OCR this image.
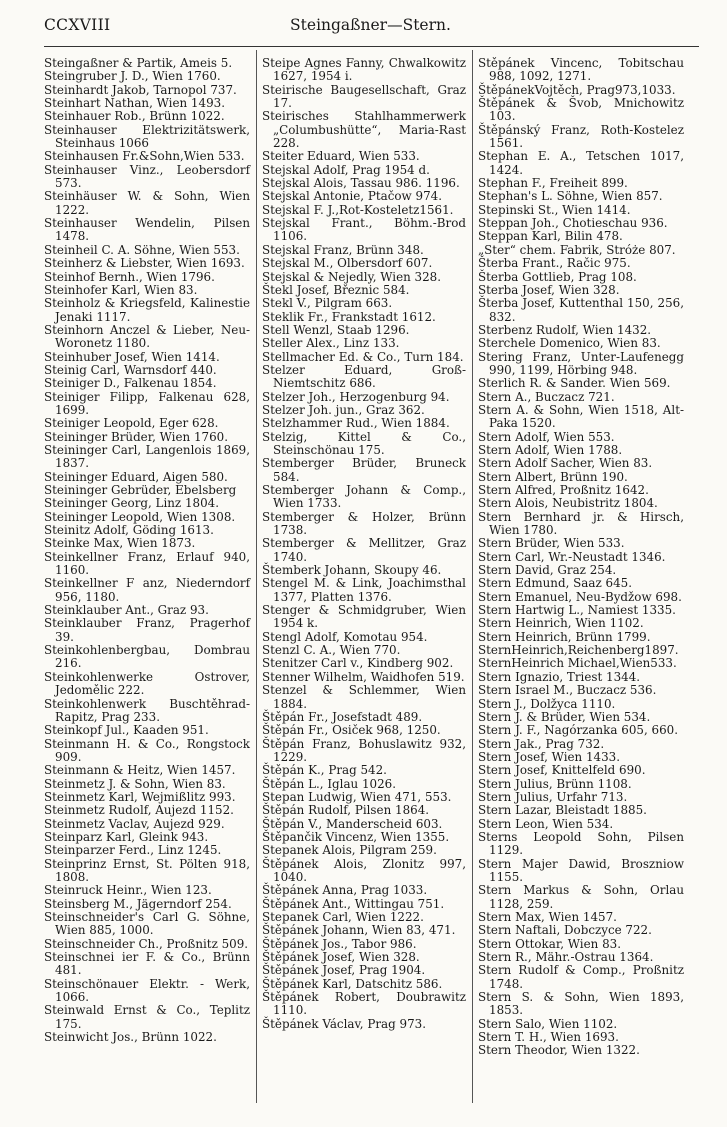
CCXVIII	Steingaßner—Stern.
Steingaßner & Partik, Ameis 5.
Steingruber J. D., Wien 1760.
Steinhardt Jakob, Tarnopol 737.
Steinhart Nathan, Wien 1493.
Steinhauer Rob., Brünn 1022.
Steinhauser Elektrizitätswerk, Steinhaus 1066
Steinhausen Fr.&Sohn,Wien 533.
Steinhauser Vinz., Leobersdorf 573.
Steinhäuser W. & Sohn, Wien 1222.
Steinhauser Wendelin, Pilsen 1478.
Steinheil C. A. Söhne, Wien 553.
Steinherz & Liebster, Wien 1693.
Steinhof Bernh., Wien 1796.
Steinhofer Karl, Wien 83.
Steinholz & Kriegsfeld, Kalinestie Jenaki 1117.
Steinhorn Anczel & Lieber, Neu-Woronetz 1180.
Steinhuber Josef, Wien 1414.
Steinig Carl, Warnsdorf 440.
Steiniger D., Falkenau 1854.
Steiniger Filipp, Falkenau 628, 1699.
Steiniger Leopold, Eger 628.
Steininger Brüder, Wien 1760.
Steininger Carl, Langenlois 1869, 1837.
Steininger Eduard, Aigen 580.
Steininger Gebrüder, Ebelsberg
Steininger Georg, Linz 1804.
Steininger Leopold, Wien 1308.
Steinitz Adolf, Göding 1613.
Steinke Max, Wien 1873.
Steinkellner Franz, Erlauf 940, 1160.
Steinkellner F anz, Niederndorf 956, 1180.
Steinklauber Ant., Graz 93.
Steinklauber Franz, Pragerhof 39.
Steinkohlenbergbau, Dombrau 216.
Steinkohlenwerke Ostrover, Jedomělic 222.
Steinkohlenwerk Buschtěhrad-Rapitz, Prag 233.
Steinkopf Jul., Kaaden 951.
Steinmann H. & Co., Rongstock 909.
Steinmann & Heitz, Wien 1457.
Steinmetz J. & Sohn, Wien 83.
Steinmetz Karl, Wejmißlitz 993.
Steinmetz Rudolf, Aujezd 1152.
Steinmetz Vaclav, Aujezd 929.
Steinparz Karl, Gleink 943.
Steinparzer Ferd., Linz 1245.
Steinprinz Ernst, St. Pölten 918, 1808.
Steinruck Heinr., Wien 123.
Steinsberg M., Jägerndorf 254.
Steinschneider's Carl G. Söhne, Wien 885, 1000.
Steinschneider Ch., Proßnitz 509.
Steinschnei ier F. & Co., Brünn 481.
Steinschönauer Elektr. - Werk, 1066.
Steinwald Ernst & Co., Teplitz 175.
Steinwicht Jos., Brünn 1022.
Steipe Agnes Fanny, Chwalkowitz 1627, 1954 i.
Steirische Baugesellschaft, Graz 17.
Steirisches Stahlhammerwerk „Columbushütte“, Maria-Rast 228.
Steiter Eduard, Wien 533.
Stejskal Adolf, Prag 1954 d.
Stejskal Alois, Tassau 986. 1196.
Stejskal Antonie, Ptačow 974.
Stejskal F. J.,Rot-Kosteletz1561.
Stejskal Frant., Böhm.-Brod 1106.
Stejskal Franz, Brünn 348.
Stejskal M., Olbersdorf 607.
Stejskal & Nejedly, Wien 328.
Štekl Josef, Březnic 584.
Stekl V., Pilgram 663.
Steklik Fr., Frankstadt 1612.
Stell Wenzl, Staab 1296.
Steller Alex., Linz 133.
Stellmacher Ed. & Co., Turn 184.
Stelzer Eduard, Groß-Niemtschitz 686.
Stelzer Joh., Herzogenburg 94.
Stelzer Joh. jun., Graz 362.
Stelzhammer Rud., Wien 1884.
Stelzig, Kittel & Co., Steinschönau 175.
Stemberger Brüder, Bruneck 584.
Stemberger Johann & Comp., Wien 1733.
Stemberger & Holzer, Brünn 1738.
Stemberger & Mellitzer, Graz 1740.
Štemberk Johann, Skoupy 46.
Stengel M. & Link, Joachimsthal 1377, Platten 1376.
Stenger & Schmidgruber, Wien 1954 k.
Stengl Adolf, Komotau 954.
Stenzl C. A., Wien 770.
Stenitzer Carl v., Kindberg 902.
Stenner Wilhelm, Waidhofen 519.
Stenzel & Schlemmer, Wien 1884.
Štěpán Fr., Josefstadt 489.
Štěpán Fr., Osiček 968, 1250.
Štěpán Franz, Bohuslawitz 932, 1229.
Štěpán K., Prag 542.
Štěpán L., Iglau 1026.
Stepan Ludwig, Wien 471, 553.
Štěpán Rudolf, Pilsen 1864.
Štěpán V., Manderscheid 603.
Štěpančik Vincenz, Wien 1355.
Stepanek Alois, Pilgram 259.
Štěpánek Alois, Zlonitz 997, 1040.
Štěpánek Anna, Prag 1033.
Štěpánek Ant., Wittingau 751.
Stepanek Carl, Wien 1222.
Štěpánek Johann, Wien 83, 471.
Štěpánek Jos., Tabor 986.
Štěpánek Josef, Wien 328.
Štěpánek Josef, Prag 1904.
Štěpánek Karl, Datschitz 586.
Štěpánek Robert, Doubrawitz 1110.
Štěpánek Václav, Prag 973.
Stěpánek Vincenc, Tobitschau 988, 1092, 1271.
ŠtěpánekVojtěch, Prag973,1033.
Štěpánek & Švob, Mnichowitz 103.
Štěpánský Franz, Roth-Kostelez 1561.
Stephan E. A., Tetschen 1017, 1424.
Stephan F., Freiheit 899.
Stephan's L. Söhne, Wien 857.
Stepinski St., Wien 1414.
Steppan Joh., Chotieschau 936.
Steppan Karl, Bilin 478.
„Ster“ chem. Fabrik, Stróże 807.
Šterba Frant., Račic 975.
Šterba Gottlieb, Prag 108.
Sterba Josef, Wien 328.
Šterba Josef, Kuttenthal 150, 256, 832.
Sterbenz Rudolf, Wien 1432.
Sterchele Domenico, Wien 83.
Stering Franz, Unter-Laufenegg 990, 1199, Hörbing 948.
Sterlich R. & Sander. Wien 569.
Stern A., Buczacz 721.
Stern A. & Sohn, Wien 1518, Alt-Paka 1520.
Stern Adolf, Wien 553.
Stern Adolf, Wien 1788.
Stern Adolf Sacher, Wien 83.
Stern Albert, Brünn 190.
Stern Alfred, Proßnitz 1642.
Stern Alois, Neubistritz 1804.
Stern Bernhard jr. & Hirsch, Wien 1780.
Stern Brüder, Wien 533.
Stern Carl, Wr.-Neustadt 1346.
Stern David, Graz 254.
Stern Edmund, Saaz 645.
Stern Emanuel, Neu-Bydžow 698.
Stern Hartwig L., Namiest 1335.
Stern Heinrich, Wien 1102.
Stern Heinrich, Brünn 1799.
SternHeinrich,Reichenberg1897.
SternHeinrich Michael,Wien533.
Stern Ignazio, Triest 1344.
Stern Israel M., Buczacz 536.
Stern J., Dolžyca 1110.
Stern J. & Brüder, Wien 534.
Stern J. F., Nagórzanka 605, 660.
Stern Jak., Prag 732.
Stern Josef, Wien 1433.
Stern Josef, Knittelfeld 690.
Stern Julius, Brünn 1108.
Stern Julius, Urfahr 713.
Stern Lazar, Bleistadt 1885.
Stern Leon, Wien 534.
Sterns Leopold Sohn, Pilsen 1129.
Stern Majer Dawid, Broszniow 1155.
Stern Markus & Sohn, Orlau 1128, 259.
Stern Max, Wien 1457.
Stern Naftali, Dobczyce 722.
Stern Ottokar, Wien 83.
Stern R., Mähr.-Ostrau 1364.
Stern Rudolf & Comp., Proßnitz 1748.
Stern S. & Sohn, Wien 1893, 1853.
Stern Salo, Wien 1102.
Stern T. H., Wien 1693.
Stern Theodor, Wien 1322.
